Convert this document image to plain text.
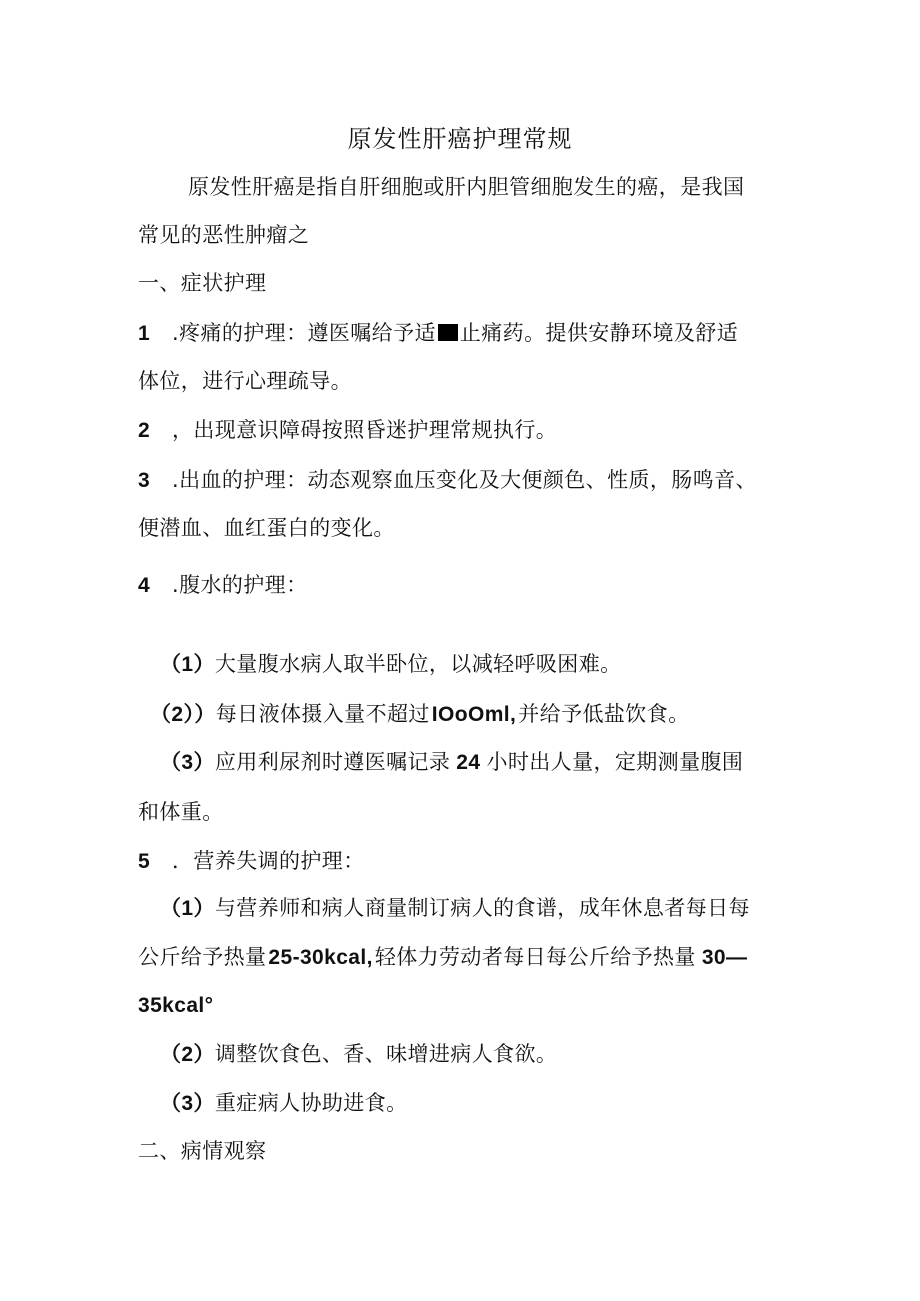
原发性肝癌护理常规
原发性肝癌是指自肝细胞或肝内胆管细胞发生的癌，是我国
常见的恶性肿瘤之
一、症状护理
1 .疼痛的护理：遵医嘱给予适 止痛药。提供安静环境及舒适
体位，进行心理疏导。
2 ，出现意识障碍按照昏迷护理常规执行。
3 .出血的护理：动态观察血压变化及大便颜色、性质，肠鸣音、
便潜血、血红蛋白的变化。
4 .腹水的护理：
（1）大量腹水病人取半卧位，以减轻呼吸困难。
（2））每日液体摄入量不超过IOoOml,并给予低盐饮食。
（3）应用利尿剂时遵医嘱记录 24 小时出人量，定期测量腹围
和体重。
5 ．营养失调的护理：
（1）与营养师和病人商量制订病人的食谱，成年休息者每日每
公斤给予热量25-30kcal,轻体力劳动者每日每公斤给予热量 30—
35kcal°
（2）调整饮食色、香、味增进病人食欲。
（3）重症病人协助进食。
二、病情观察
